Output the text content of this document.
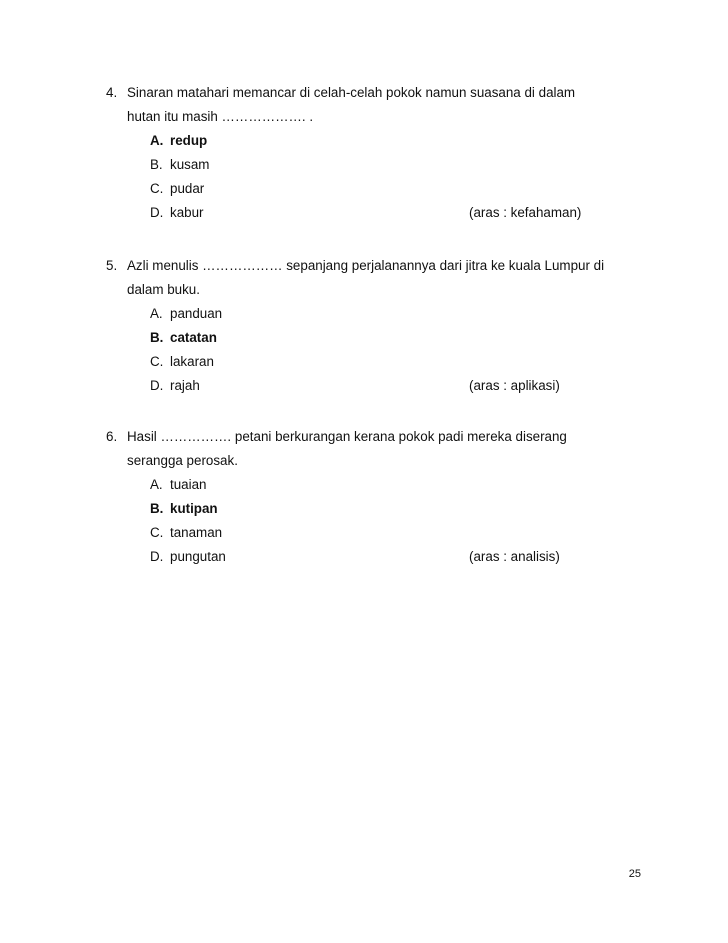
4. Sinaran matahari memancar di celah-celah pokok namun suasana di dalam
hutan itu masih ………………. .
A. redup
B. kusam
C. pudar
D. kabur	(aras : kefahaman)
5. Azli menulis ……………… sepanjang perjalanannya dari jitra ke kuala Lumpur di
dalam buku.
A. panduan
B. catatan
C. lakaran
D. rajah	(aras : aplikasi)
6. Hasil ……………. petani berkurangan kerana pokok padi mereka diserang
serangga perosak.
A. tuaian
B. kutipan
C. tanaman
D. pungutan	(aras : analisis)
25
